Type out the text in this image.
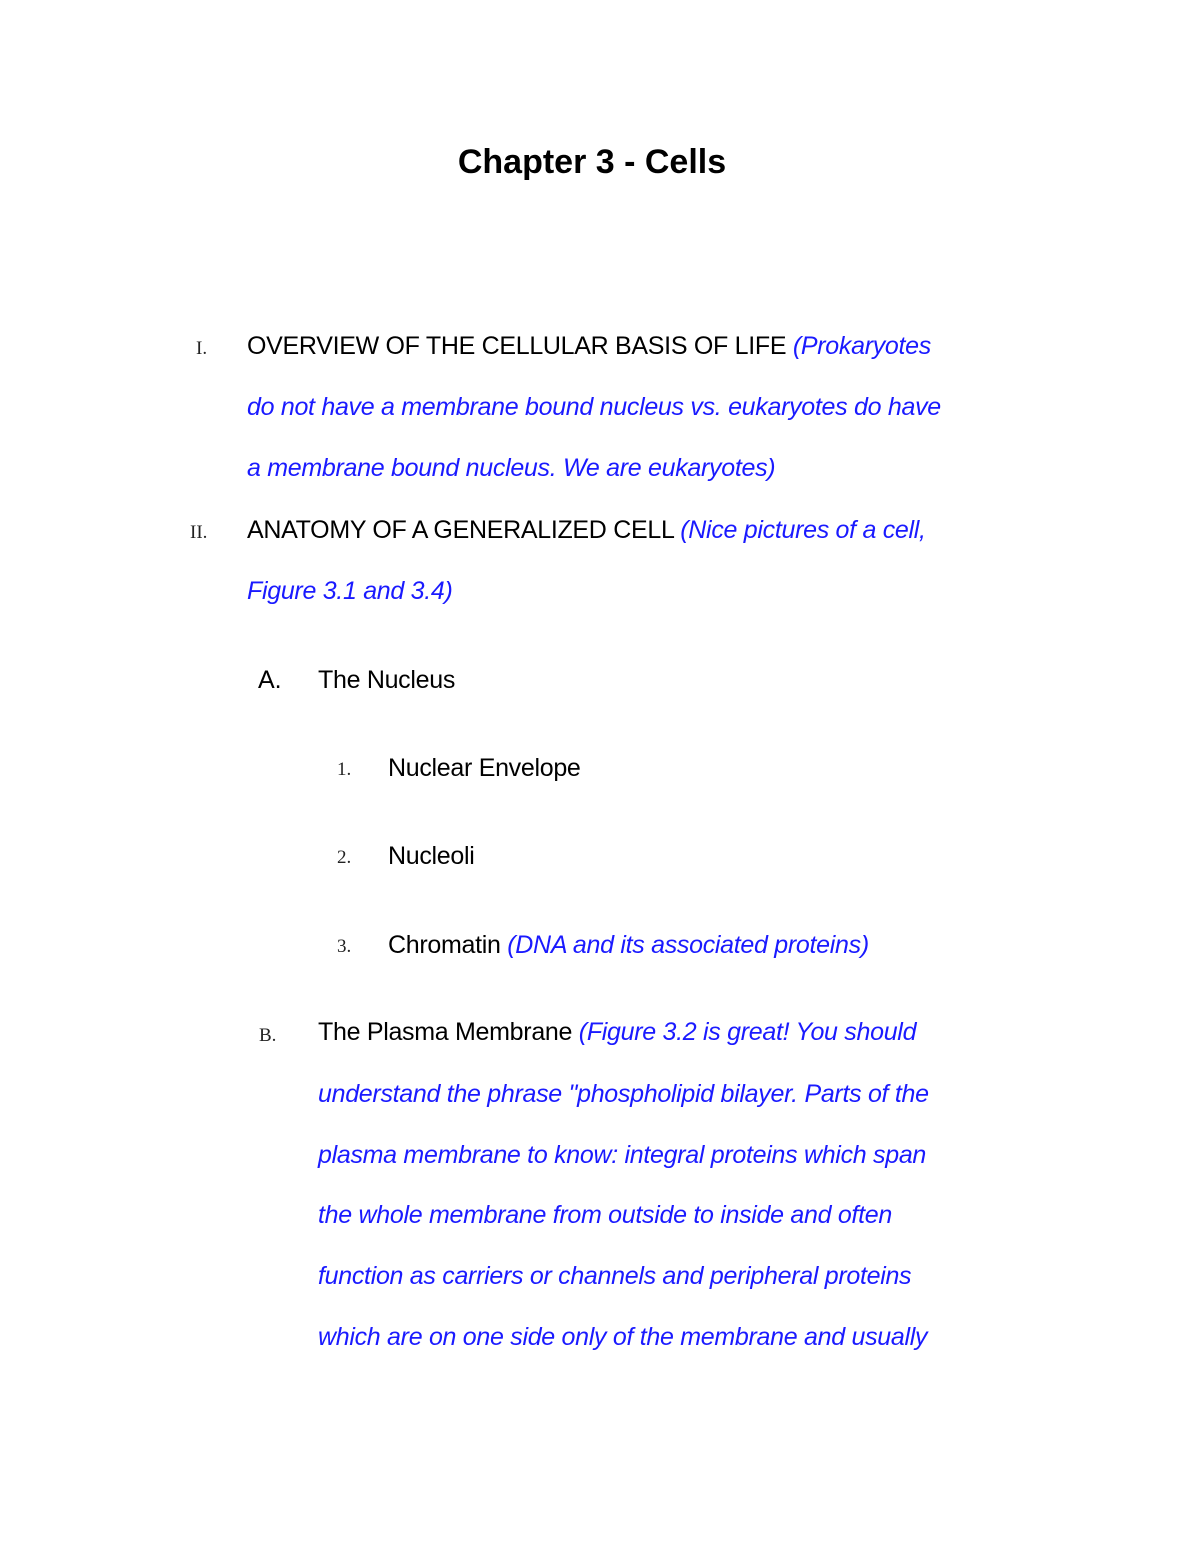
Chapter 3 - Cells
I. OVERVIEW OF THE CELLULAR BASIS OF LIFE (Prokaryotes
do not have a membrane bound nucleus vs. eukaryotes do have
a membrane bound nucleus. We are eukaryotes)
II. ANATOMY OF A GENERALIZED CELL (Nice pictures of a cell,
Figure 3.1 and 3.4)
A. The Nucleus
1. Nuclear Envelope
2. Nucleoli
3. Chromatin (DNA and its associated proteins)
B. The Plasma Membrane (Figure 3.2 is great! You should
understand the phrase "phospholipid bilayer. Parts of the
plasma membrane to know: integral proteins which span
the whole membrane from outside to inside and often
function as carriers or channels and peripheral proteins
which are on one side only of the membrane and usually
